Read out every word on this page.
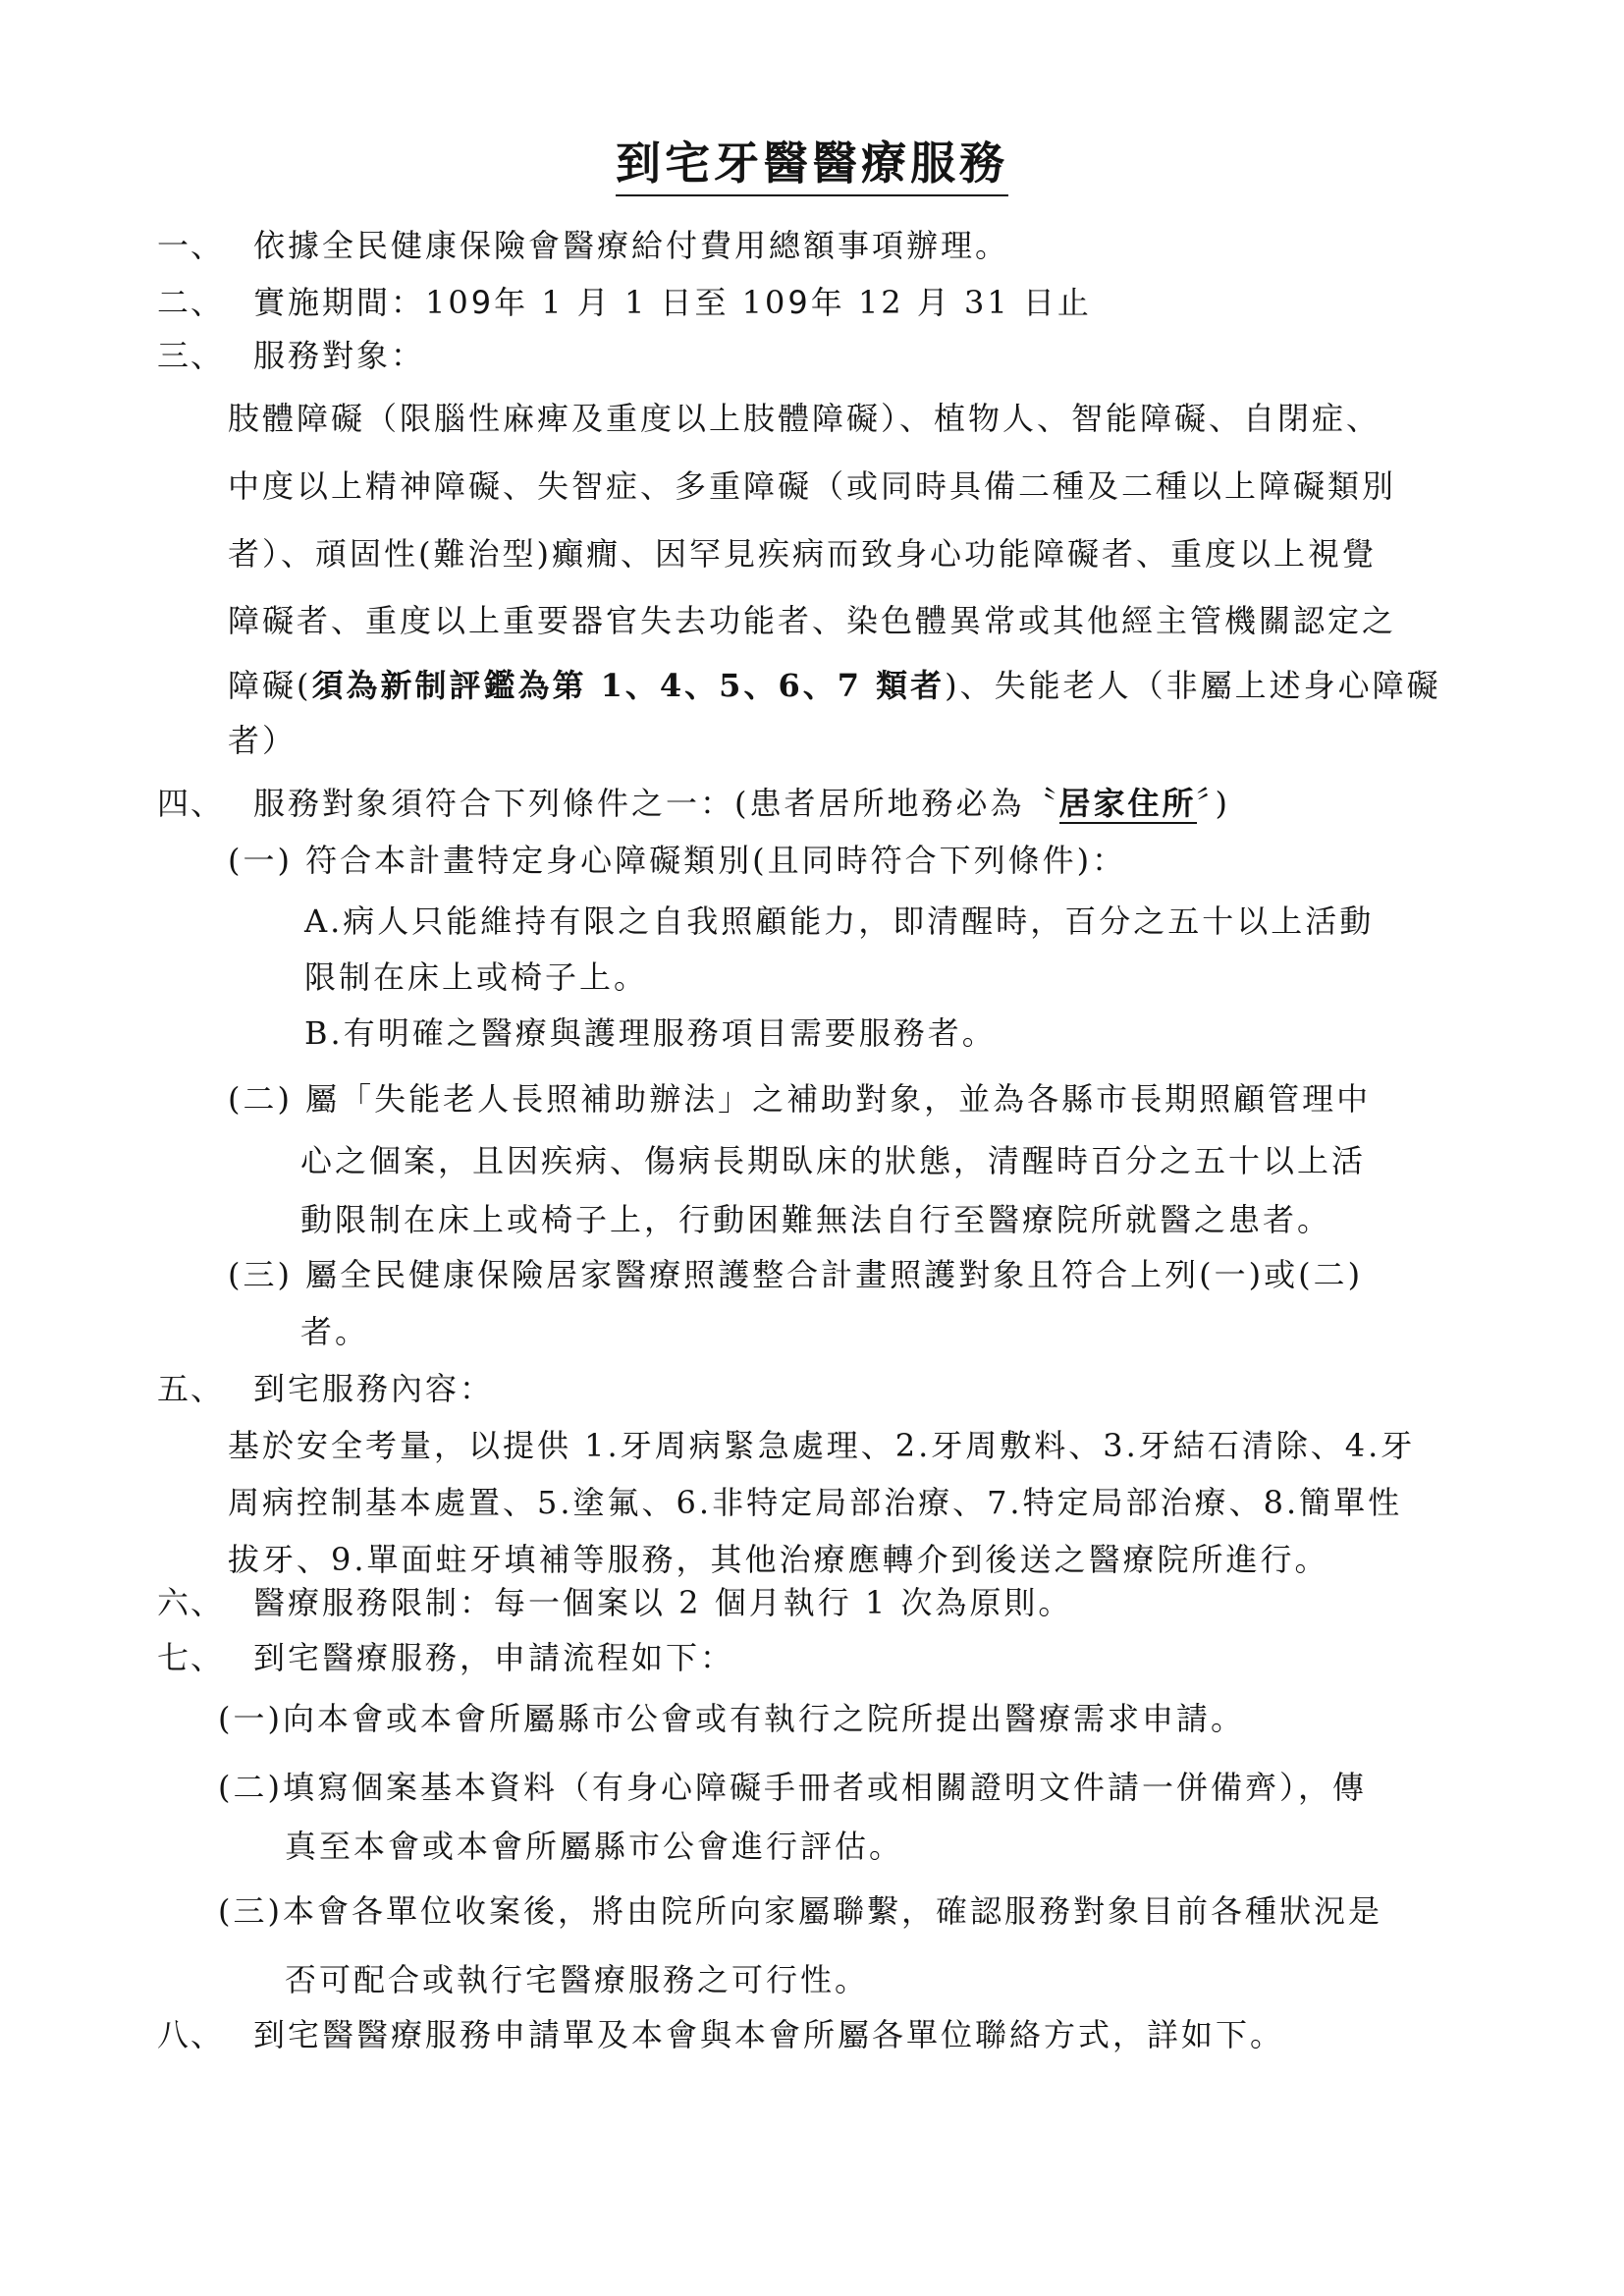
到宅牙醫醫療服務
一、 依據全民健康保險會醫療給付費用總額事項辦理。
二、 實施期間：109年 1 月 1 日至 109年 12 月 31 日止
三、 服務對象：
肢體障礙（限腦性麻痺及重度以上肢體障礙）、植物人、智能障礙、自閉症、
中度以上精神障礙、失智症、多重障礙（或同時具備二種及二種以上障礙類別
者）、頑固性(難治型)癲癇、因罕見疾病而致身心功能障礙者、重度以上視覺
障礙者、重度以上重要器官失去功能者、染色體異常或其他經主管機關認定之
障礙(須為新制評鑑為第 1、4、5、6、7 類者)、失能老人（非屬上述身心障礙
者）
四、 服務對象須符合下列條件之一：(患者居所地務必為〝居家住所〞)
(一) 符合本計畫特定身心障礙類別(且同時符合下列條件)：
A.病人只能維持有限之自我照顧能力，即清醒時，百分之五十以上活動
限制在床上或椅子上。
B.有明確之醫療與護理服務項目需要服務者。
(二) 屬「失能老人長照補助辦法」之補助對象，並為各縣市長期照顧管理中
心之個案，且因疾病、傷病長期臥床的狀態，清醒時百分之五十以上活
動限制在床上或椅子上，行動困難無法自行至醫療院所就醫之患者。
(三) 屬全民健康保險居家醫療照護整合計畫照護對象且符合上列(一)或(二)
者。
五、 到宅服務內容：
基於安全考量，以提供 1.牙周病緊急處理、2.牙周敷料、3.牙結石清除、4.牙
周病控制基本處置、5.塗氟、6.非特定局部治療、7.特定局部治療、8.簡單性
拔牙、9.單面蛀牙填補等服務，其他治療應轉介到後送之醫療院所進行。
六、 醫療服務限制：每一個案以 2 個月執行 1 次為原則。
七、 到宅醫療服務，申請流程如下：
(一)向本會或本會所屬縣市公會或有執行之院所提出醫療需求申請。
(二)填寫個案基本資料（有身心障礙手冊者或相關證明文件請一併備齊），傳
真至本會或本會所屬縣市公會進行評估。
(三)本會各單位收案後，將由院所向家屬聯繫，確認服務對象目前各種狀況是
否可配合或執行宅醫療服務之可行性。
八、 到宅醫醫療服務申請單及本會與本會所屬各單位聯絡方式，詳如下。
